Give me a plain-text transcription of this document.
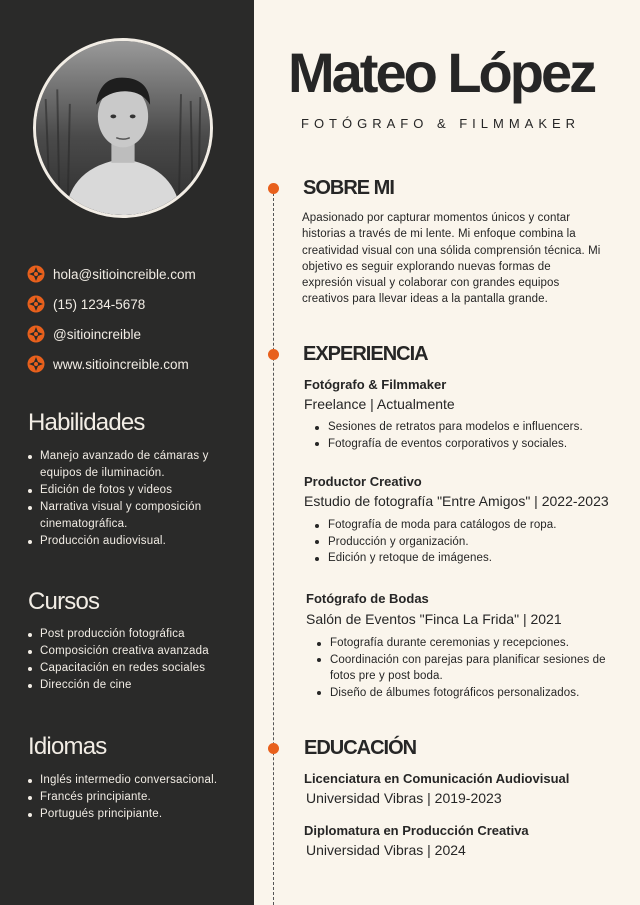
hola@sitioincreible.com
(15) 1234-5678
@sitioincreible
www.sitioincreible.com
Habilidades
Manejo avanzado de cámaras y equipos de iluminación.
Edición de fotos y videos
Narrativa visual y composición cinematográfica.
Producción audiovisual.
Cursos
Post producción fotográfica
Composición creativa avanzada
Capacitación en redes sociales
Dirección de cine
Idiomas
Inglés intermedio conversacional.
Francés principiante.
Portugués principiante.
Mateo López
FOTÓGRAFO & FILMMAKER
SOBRE MI

Apasionado por capturar momentos únicos y contar historias a través de mi lente. Mi enfoque combina la creatividad visual con una sólida comprensión técnica. Mi objetivo es seguir explorando nuevas formas de expresión visual y colaborar con grandes equipos creativos para llevar ideas a la pantalla grande.

EXPERIENCIA
Fotógrafo & Filmmaker
Freelance | Actualmente
Sesiones de retratos para modelos e influencers.
Fotografía de eventos corporativos y sociales.
Productor Creativo
Estudio de fotografía "Entre Amigos" | 2022-2023
Fotografía de moda para catálogos de ropa.
Producción y organización.
Edición y retoque de imágenes.
Fotógrafo de Bodas
Salón de Eventos "Finca La Frida" | 2021
Fotografía durante ceremonias y recepciones.
Coordinación con parejas para planificar sesiones de fotos pre y post boda.
Diseño de álbumes fotográficos personalizados.
EDUCACIÓN
Licenciatura en Comunicación Audiovisual
Universidad Vibras | 2019-2023
Diplomatura en Producción Creativa
Universidad Vibras | 2024
